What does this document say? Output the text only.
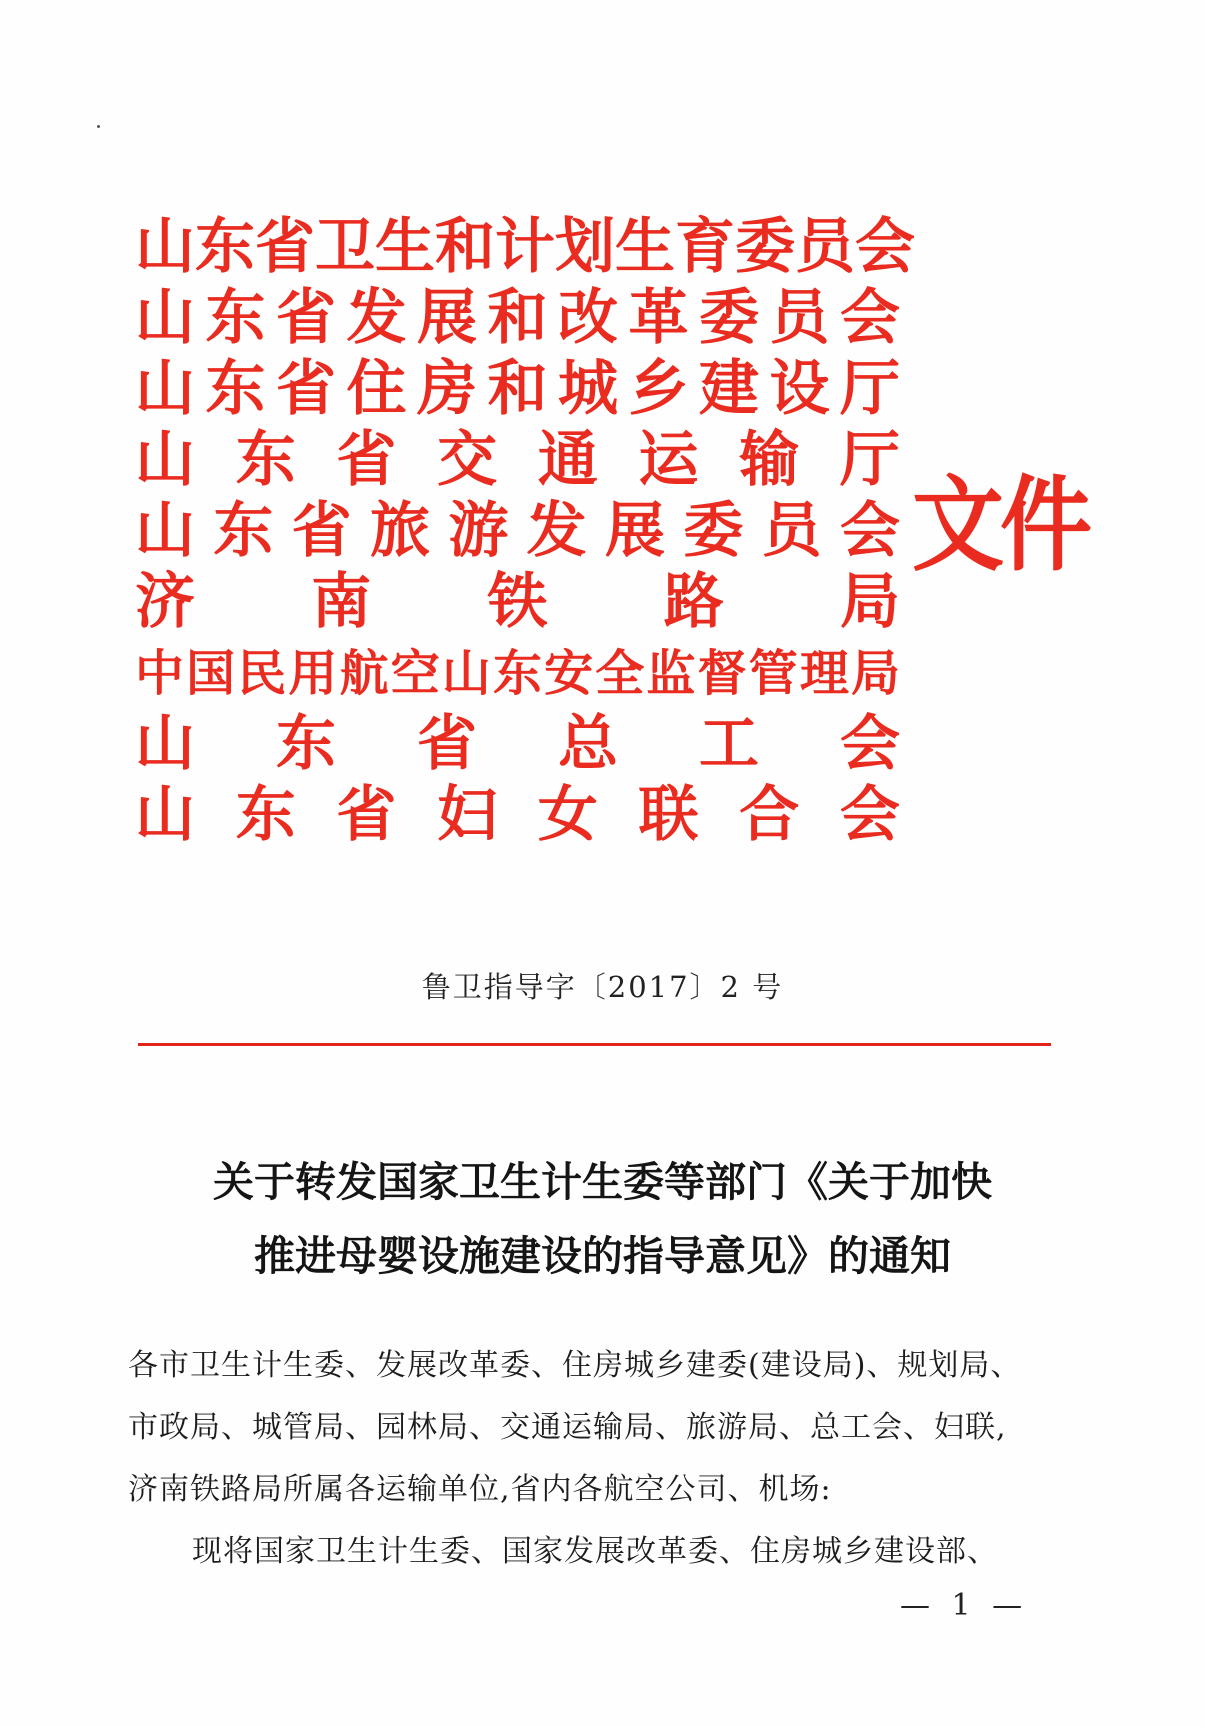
山 东 省 卫 生 和 计 划 生 育 委 员 会
山 东 省 发 展 和 改 革 委 员 会
山 东 省 住 房 和 城 乡 建 设 厅
山 东 省 交 通 运 输 厅
山 东 省 旅 游 发 展 委 员 会
济 南 铁 路 局
中 国 民 用 航 空 山 东 安 全 监 督 管 理 局
山 东 省 总 工 会
山 东 省 妇 女 联 合 会
文件
鲁卫指导字〔2017〕2 号
关于转发国家卫生计生委等部门《关于加快
推进母婴设施建设的指导意见》的通知
各市卫生计生委、发展改革委、住房城乡建委(建设局)、规划局、
市政局、城管局、园林局、交通运输局、旅游局、总工会、妇联,
济南铁路局所属各运输单位,省内各航空公司、机场:
现将国家卫生计生委、国家发展改革委、住房城乡建设部、
— 1 —
